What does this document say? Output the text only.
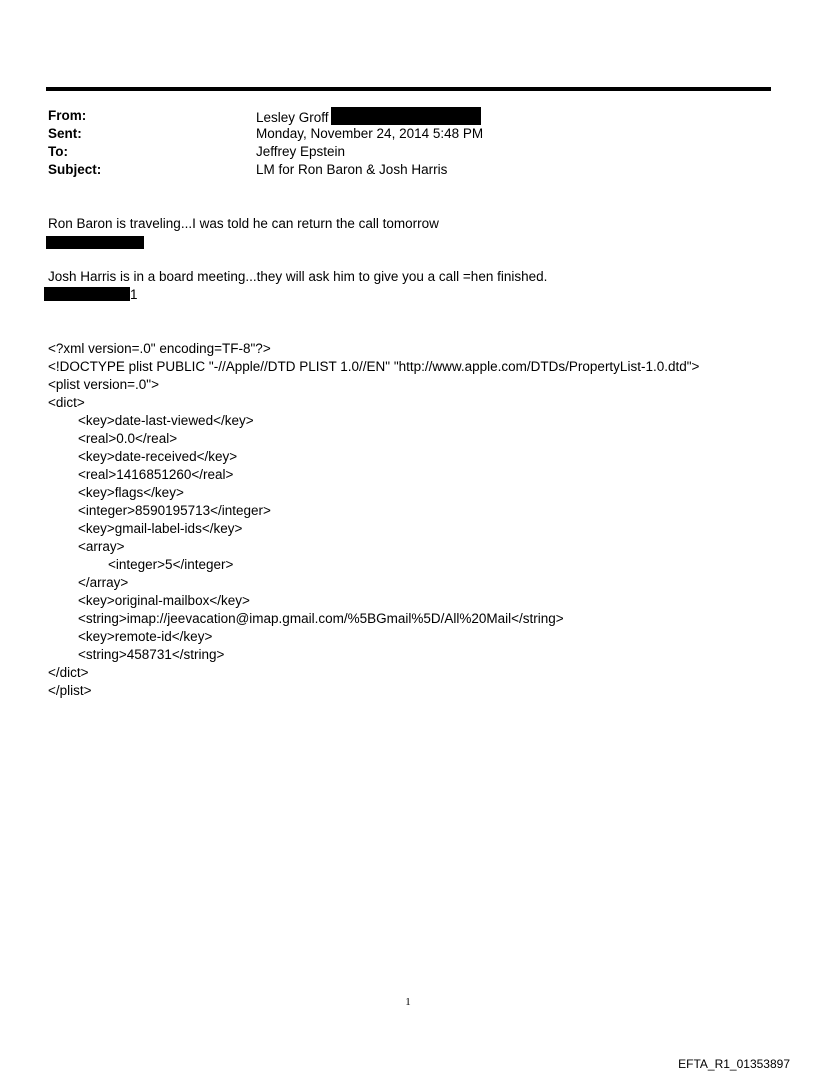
From:	Lesley Groff
Sent:	Monday, November 24, 2014 5:48 PM
To:	Jeffrey Epstein
Subject:	LM for Ron Baron & Josh Harris
Ron Baron is traveling...I was told he can return the call tomorrow
Josh Harris is in a board meeting...they will ask him to give you a call =hen finished.
1
<?xml version=.0" encoding=TF-8"?>
<!DOCTYPE plist PUBLIC "-//Apple//DTD PLIST 1.0//EN" "http://www.apple.com/DTDs/PropertyList-1.0.dtd">
<plist version=.0">
<dict>
<key>date-last-viewed</key>
<real>0.0</real>
<key>date-received</key>
<real>1416851260</real>
<key>flags</key>
<integer>8590195713</integer>
<key>gmail-label-ids</key>
<array>
<integer>5</integer>
</array>
<key>original-mailbox</key>
<string>imap://jeevacation@imap.gmail.com/%5BGmail%5D/All%20Mail</string>
<key>remote-id</key>
<string>458731</string>
</dict>
</plist>
1
EFTA_R1_01353897
